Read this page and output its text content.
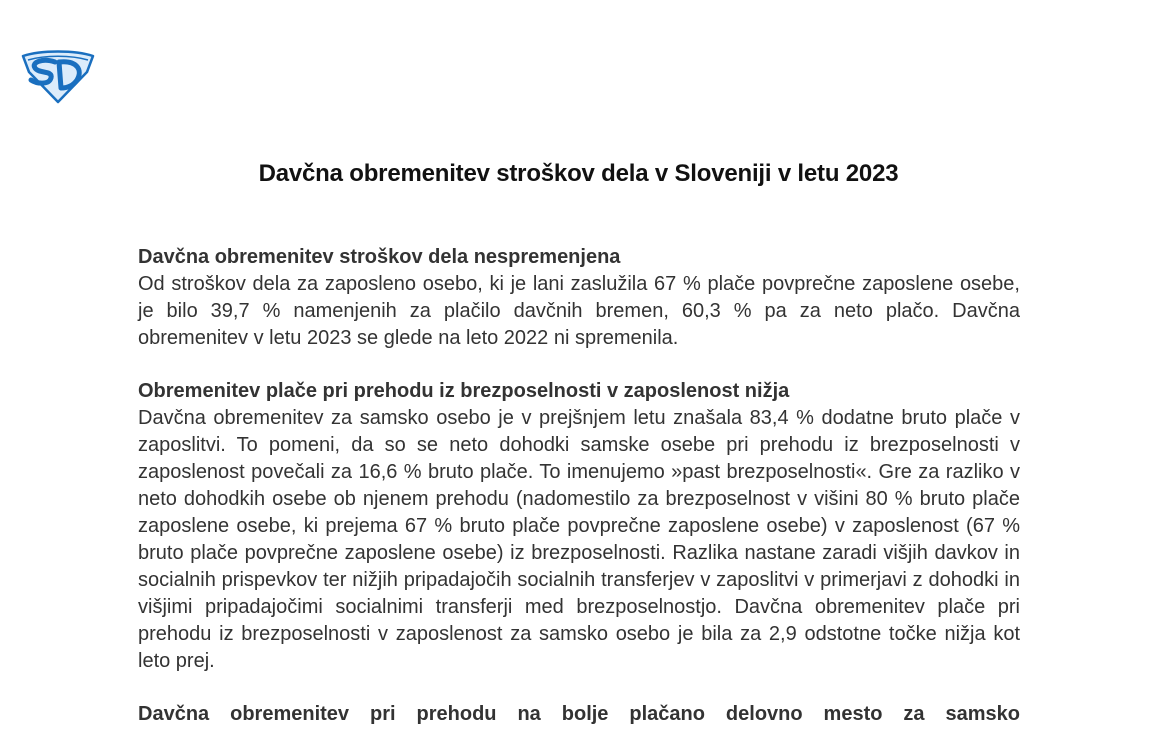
Davčna obremenitev stroškov dela v Sloveniji v letu 2023

Davčna obremenitev stroškov dela nespremenjena

Od stroškov dela za zaposleno osebo, ki je lani zaslužila 67 % plače povprečne zaposlene osebe, je bilo 39,7 % namenjenih za plačilo davčnih bremen, 60,3 % pa za neto plačo. Davčna obremenitev v letu 2023 se glede na leto 2022 ni spremenila.

Obremenitev plače pri prehodu iz brezposelnosti v zaposlenost nižja

Davčna obremenitev za samsko osebo je v prejšnjem letu znašala 83,4 % dodatne bruto plače v zaposlitvi. To pomeni, da so se neto dohodki samske osebe pri prehodu iz brezposelnosti v zaposlenost povečali za 16,6 % bruto plače. To imenujemo »past brezposelnosti«. Gre za razliko v neto dohodkih osebe ob njenem prehodu (nadomestilo za brezposelnost v višini 80 % bruto plače zaposlene osebe, ki prejema 67 % bruto plače povprečne zaposlene osebe) v zaposlenost (67 % bruto plače povprečne zaposlene osebe) iz brezposelnosti. Razlika nastane zaradi višjih davkov in socialnih prispevkov ter nižjih pripadajočih socialnih transferjev v zaposlitvi v primerjavi z dohodki in višjimi pripadajočimi socialnimi transferji med brezposelnostjo. Davčna obremenitev plače pri prehodu iz brezposelnosti v zaposlenost za samsko osebo je bila za 2,9 odstotne točke nižja kot leto prej.

Davčna obremenitev pri prehodu na bolje plačano delovno mesto za samsko
